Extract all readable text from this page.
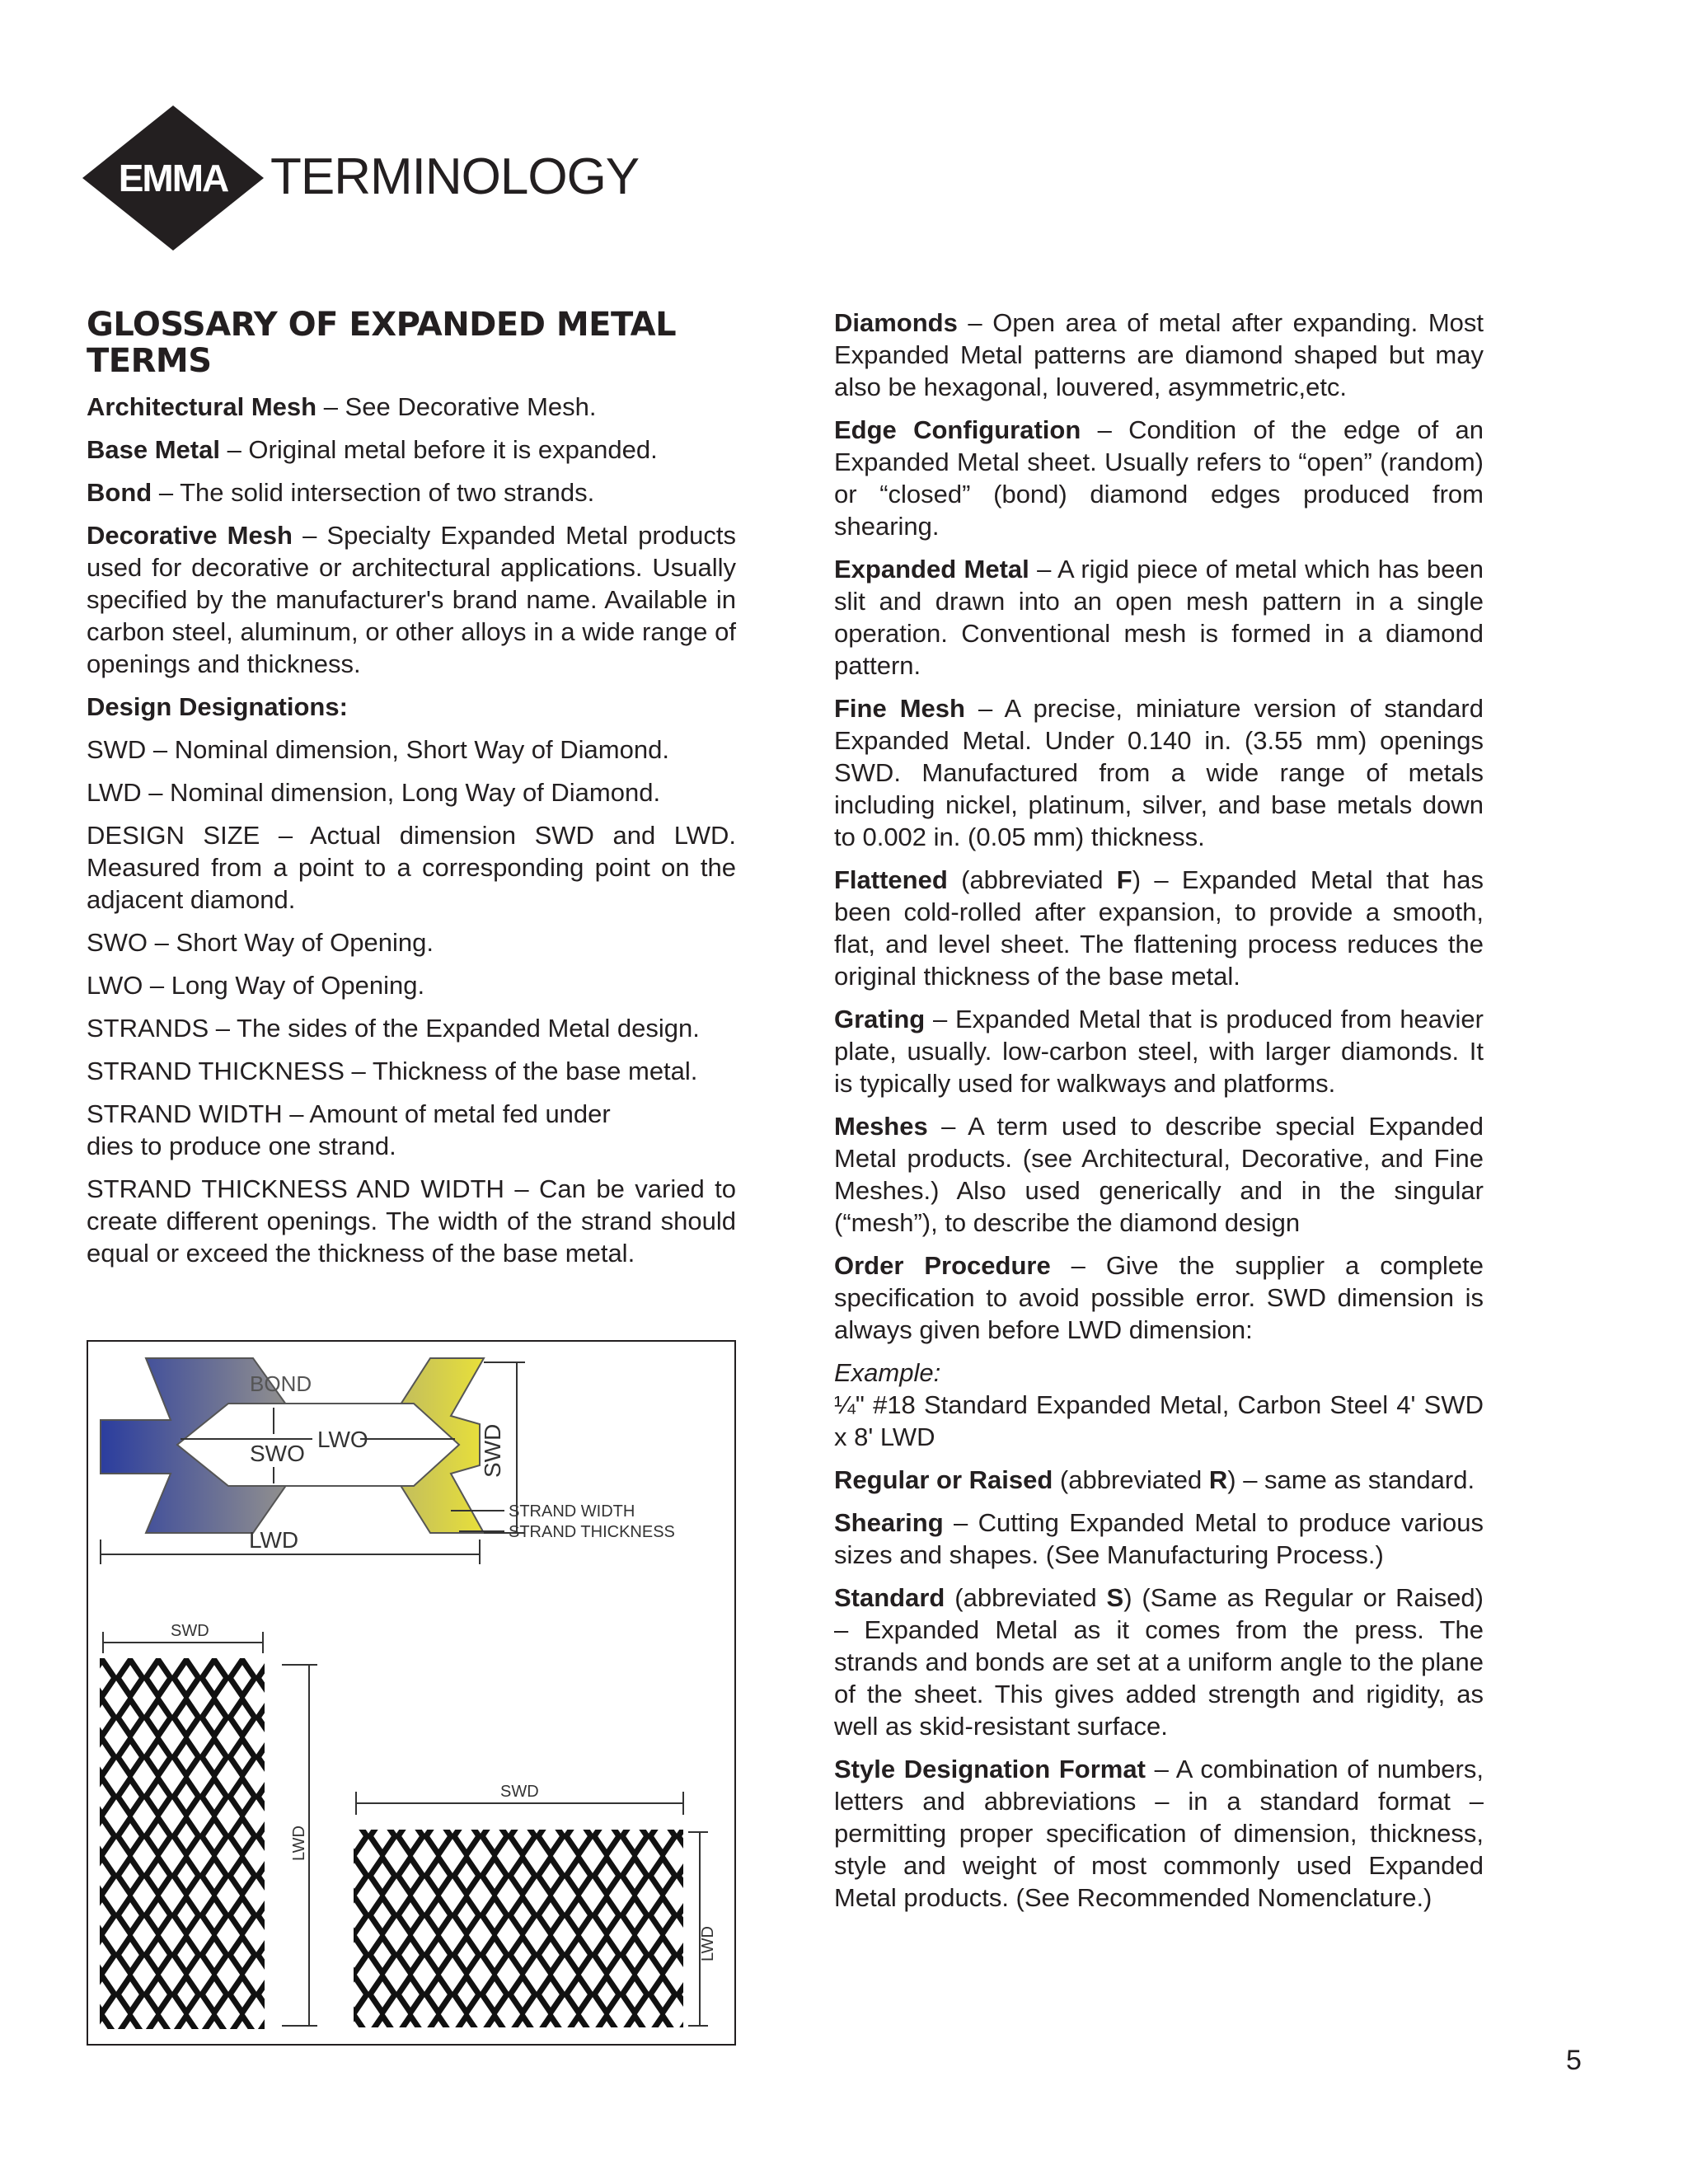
EMMA TERMINOLOGY
GLOSSARY OF EXPANDED METAL TERMS

Architectural Mesh – See Decorative Mesh.

Base Metal – Original metal before it is expanded.

Bond – The solid intersection of two strands.

Decorative Mesh – Specialty Expanded Metal products used for decorative or architectural applications. Usually specified by the manufacturer's brand name. Available in carbon steel, aluminum, or other alloys in a wide range of openings and thickness.

Design Designations:

SWD – Nominal dimension, Short Way of Diamond.

LWD – Nominal dimension, Long Way of Diamond.

DESIGN SIZE – Actual dimension SWD and LWD. Measured from a point to a corresponding point on the adjacent diamond.

SWO – Short Way of Opening.

LWO – Long Way of Opening.

STRANDS – The sides of the Expanded Metal design.

STRAND THICKNESS – Thickness of the base metal.

STRAND WIDTH – Amount of metal fed under
dies to produce one strand.

STRAND THICKNESS AND WIDTH – Can be varied to create different openings. The width of the strand should equal or exceed the thickness of the base metal.

BOND
LWO
SWO	SWD
LWD
STRAND WIDTH
STRAND THICKNESS
SWD
LWD
SWD
LWD

Diamonds – Open area of metal after expanding. Most Expanded Metal patterns are diamond shaped but may also be hexagonal, louvered, asymmetric,etc.

Edge Configuration – Condition of the edge of an Expanded Metal sheet. Usually refers to “open” (random) or “closed” (bond) diamond edges produced from shearing.

Expanded Metal – A rigid piece of metal which has been slit and drawn into an open mesh pattern in a single operation. Conventional mesh is formed in a diamond pattern.

Fine Mesh – A precise, miniature version of standard Expanded Metal. Under 0.140 in. (3.55 mm) openings SWD. Manufactured from a wide range of metals including nickel, platinum, silver, and base metals down to 0.002 in. (0.05 mm) thickness.

Flattened (abbreviated F) – Expanded Metal that has been cold-rolled after expansion, to provide a smooth, flat, and level sheet. The flattening process reduces the original thickness of the base metal.

Grating – Expanded Metal that is produced from heavier plate, usually. low-carbon steel, with larger diamonds. It is typically used for walkways and platforms.

Meshes – A term used to describe special Expanded Metal products. (see Architectural, Decorative, and Fine Meshes.) Also used generically and in the singular (“mesh”), to describe the diamond design

Order Procedure – Give the supplier a complete specification to avoid possible error. SWD dimension is always given before LWD dimension:

Example:

¼" #18 Standard Expanded Metal, Carbon Steel 4' SWD x 8' LWD

Regular or Raised (abbreviated R) – same as standard.

Shearing – Cutting Expanded Metal to produce various sizes and shapes. (See Manufacturing Process.)

Standard (abbreviated S) (Same as Regular or Raised) – Expanded Metal as it comes from the press. The strands and bonds are set at a uniform angle to the plane of the sheet. This gives added strength and rigidity, as well as skid-resistant surface.

Style Designation Format – A combination of numbers, letters and abbreviations – in a standard format – permitting proper specification of dimension, thickness, style and weight of most commonly used Expanded Metal products. (See Recommended Nomenclature.)

5
